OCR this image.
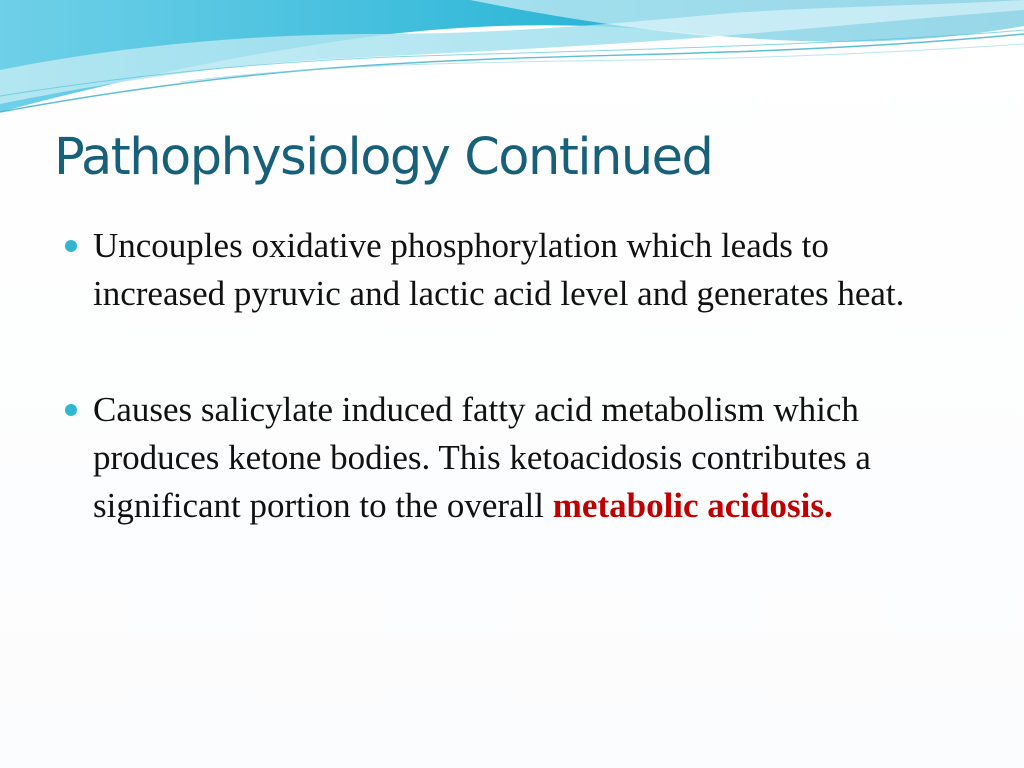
Pathophysiology Continued
Uncouples oxidative phosphorylation which leads to increased pyruvic and lactic acid level and generates heat.
Causes salicylate induced fatty acid metabolism which produces ketone bodies. This ketoacidosis contributes a significant portion to the overall metabolic acidosis.
